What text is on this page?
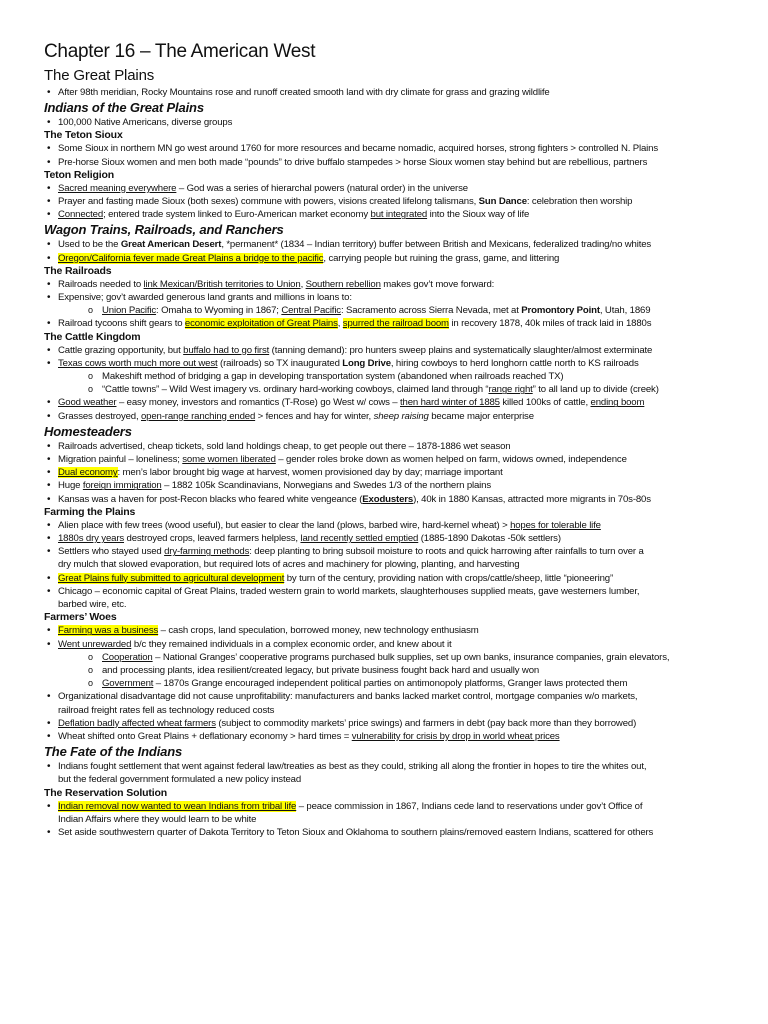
Chapter 16 – The American West
The Great Plains
• After 98th meridian, Rocky Mountains rose and runoff created smooth land with dry climate for grass and grazing wildlife
Indians of the Great Plains
• 100,000 Native Americans, diverse groups
The Teton Sioux
• Some Sioux in northern MN go west around 1760 for more resources and became nomadic, acquired horses, strong fighters > controlled N. Plains
• Pre-horse Sioux women and men both made “pounds” to drive buffalo stampedes > horse Sioux women stay behind but are rebellious, partners
Teton Religion
• Sacred meaning everywhere – God was a series of hierarchal powers (natural order) in the universe
• Prayer and fasting made Sioux (both sexes) commune with powers, visions created lifelong talismans, Sun Dance: celebration then worship
• Connected; entered trade system linked to Euro-American market economy but integrated into the Sioux way of life
Wagon Trains, Railroads, and Ranchers
• Used to be the Great American Desert, *permanent* (1834 – Indian territory) buffer between British and Mexicans, federalized trading/no whites
• Oregon/California fever made Great Plains a bridge to the pacific, carrying people but ruining the grass, game, and littering
The Railroads
• Railroads needed to link Mexican/British territories to Union, Southern rebellion makes gov’t move forward:
• Expensive; gov’t awarded generous land grants and millions in loans to:
o Union Pacific: Omaha to Wyoming in 1867; Central Pacific: Sacramento across Sierra Nevada, met at Promontory Point, Utah, 1869
• Railroad tycoons shift gears to economic exploitation of Great Plains, spurred the railroad boom in recovery 1878, 40k miles of track laid in 1880s
The Cattle Kingdom
• Cattle grazing opportunity, but buffalo had to go first (tanning demand): pro hunters sweep plains and systematically slaughter/almost exterminate
• Texas cows worth much more out west (railroads) so TX inaugurated Long Drive, hiring cowboys to herd longhorn cattle north to KS railroads
o Makeshift method of bridging a gap in developing transportation system (abandoned when railroads reached TX)
o “Cattle towns” – Wild West imagery vs. ordinary hard-working cowboys, claimed land through “range right” to all land up to divide (creek)
• Good weather – easy money, investors and romantics (T-Rose) go West w/ cows – then hard winter of 1885 killed 100ks of cattle, ending boom
• Grasses destroyed, open-range ranching ended > fences and hay for winter, sheep raising became major enterprise
Homesteaders
• Railroads advertised, cheap tickets, sold land holdings cheap, to get people out there – 1878-1886 wet season
• Migration painful – loneliness; some women liberated – gender roles broke down as women helped on farm, widows owned, independence
• Dual economy: men’s labor brought big wage at harvest, women provisioned day by day; marriage important
• Huge foreign immigration – 1882 105k Scandinavians, Norwegians and Swedes 1/3 of the northern plains
• Kansas was a haven for post-Recon blacks who feared white vengeance (Exodusters), 40k in 1880 Kansas, attracted more migrants in 70s-80s
Farming the Plains
• Alien place with few trees (wood useful), but easier to clear the land (plows, barbed wire, hard-kernel wheat) > hopes for tolerable life
• 1880s dry years destroyed crops, leaved farmers helpless, land recently settled emptied (1885-1890 Dakotas -50k settlers)
• Settlers who stayed used dry-farming methods: deep planting to bring subsoil moisture to roots and quick harrowing after rainfalls to turn over a
dry mulch that slowed evaporation, but required lots of acres and machinery for plowing, planting, and harvesting
• Great Plains fully submitted to agricultural development by turn of the century, providing nation with crops/cattle/sheep, little “pioneering”
• Chicago – economic capital of Great Plains, traded western grain to world markets, slaughterhouses supplied meats, gave westerners lumber,
barbed wire, etc.
Farmers’ Woes
• Farming was a business – cash crops, land speculation, borrowed money, new technology enthusiasm
• Went unrewarded b/c they remained individuals in a complex economic order, and knew about it
o Cooperation – National Granges’ cooperative programs purchased bulk supplies, set up own banks, insurance companies, grain elevators,
o and processing plants, idea resilient/created legacy, but private business fought back hard and usually won
o Government – 1870s Grange encouraged independent political parties on antimonopoly platforms, Granger laws protected them
• Organizational disadvantage did not cause unprofitability: manufacturers and banks lacked market control, mortgage companies w/o markets,
railroad freight rates fell as technology reduced costs
• Deflation badly affected wheat farmers (subject to commodity markets’ price swings) and farmers in debt (pay back more than they borrowed)
• Wheat shifted onto Great Plains + deflationary economy > hard times = vulnerability for crisis by drop in world wheat prices
The Fate of the Indians
• Indians fought settlement that went against federal law/treaties as best as they could, striking all along the frontier in hopes to tire the whites out,
but the federal government formulated a new policy instead
The Reservation Solution
• Indian removal now wanted to wean Indians from tribal life – peace commission in 1867, Indians cede land to reservations under gov’t Office of
Indian Affairs where they would learn to be white
• Set aside southwestern quarter of Dakota Territory to Teton Sioux and Oklahoma to southern plains/removed eastern Indians, scattered for others
